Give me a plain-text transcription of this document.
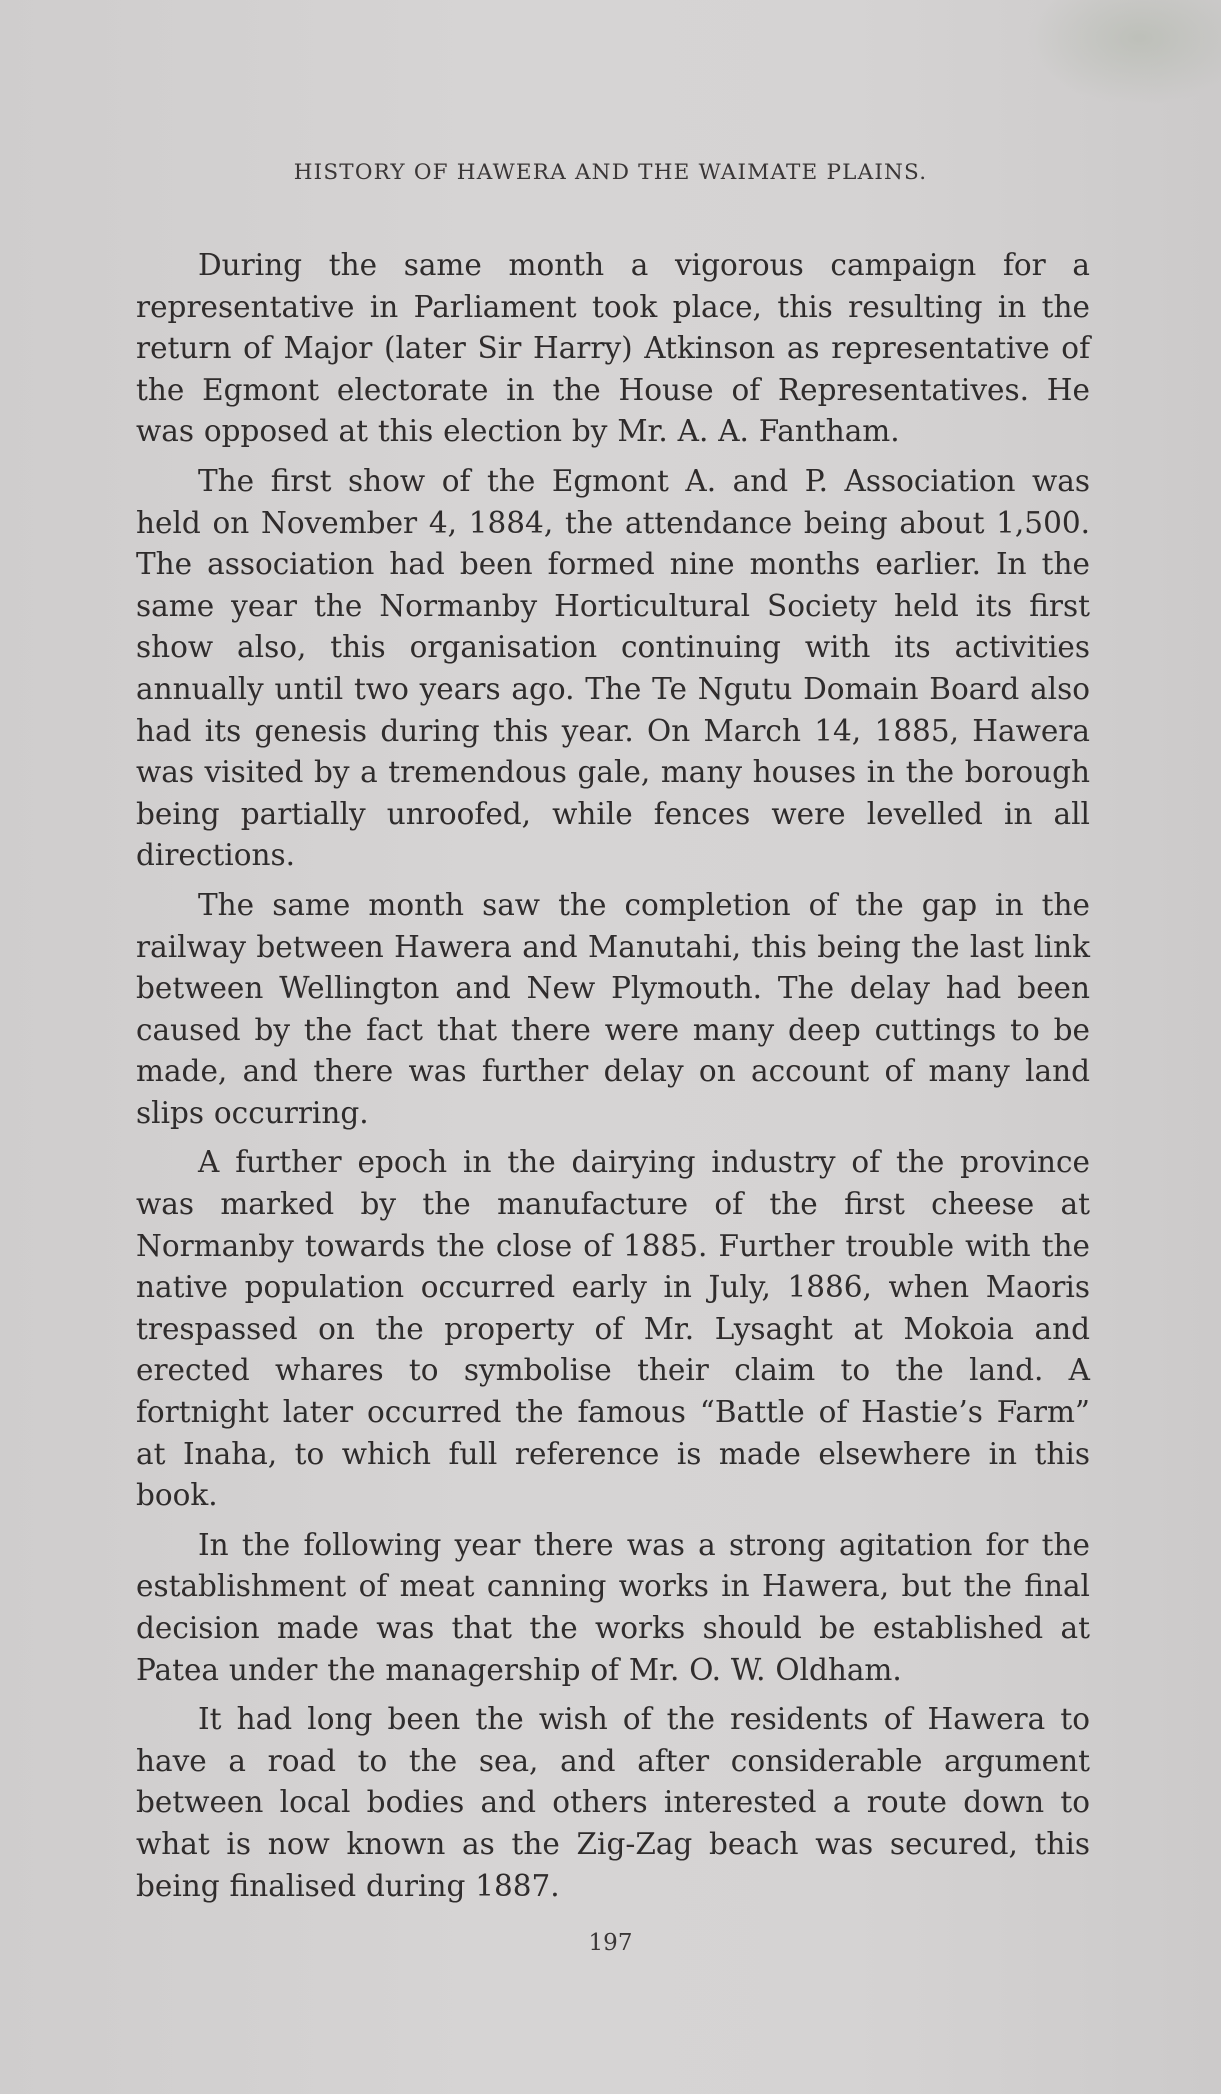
HISTORY OF HAWERA AND THE WAIMATE PLAINS.

During the same month a vigorous campaign for a representative in Parliament took place, this resulting in the return of Major (later Sir Harry) Atkinson as representative of the Egmont electorate in the House of Representatives. He was opposed at this election by Mr. A. A. Fantham.

The first show of the Egmont A. and P. Association was held on November 4, 1884, the attendance being about 1,500. The association had been formed nine months earlier. In the same year the Normanby Horticultural Society held its first show also, this organisation continuing with its activities annually until two years ago. The Te Ngutu Domain Board also had its genesis during this year. On March 14, 1885, Hawera was visited by a tremendous gale, many houses in the borough being partially unroofed, while fences were levelled in all directions.

The same month saw the completion of the gap in the railway between Hawera and Manutahi, this being the last link between Wellington and New Plymouth. The delay had been caused by the fact that there were many deep cuttings to be made, and there was further delay on account of many land slips occurring.

A further epoch in the dairying industry of the province was marked by the manufacture of the first cheese at Normanby towards the close of 1885. Further trouble with the native population occurred early in July, 1886, when Maoris trespassed on the property of Mr. Lysaght at Mokoia and erected whares to symbolise their claim to the land. A fortnight later occurred the famous “Battle of Hastie’s Farm” at Inaha, to which full reference is made elsewhere in this book.

In the following year there was a strong agitation for the establishment of meat canning works in Hawera, but the final decision made was that the works should be established at Patea under the managership of Mr. O. W. Oldham.

It had long been the wish of the residents of Hawera to have a road to the sea, and after considerable argument between local bodies and others interested a route down to what is now known as the Zig-Zag beach was secured, this being finalised during 1887.

197
